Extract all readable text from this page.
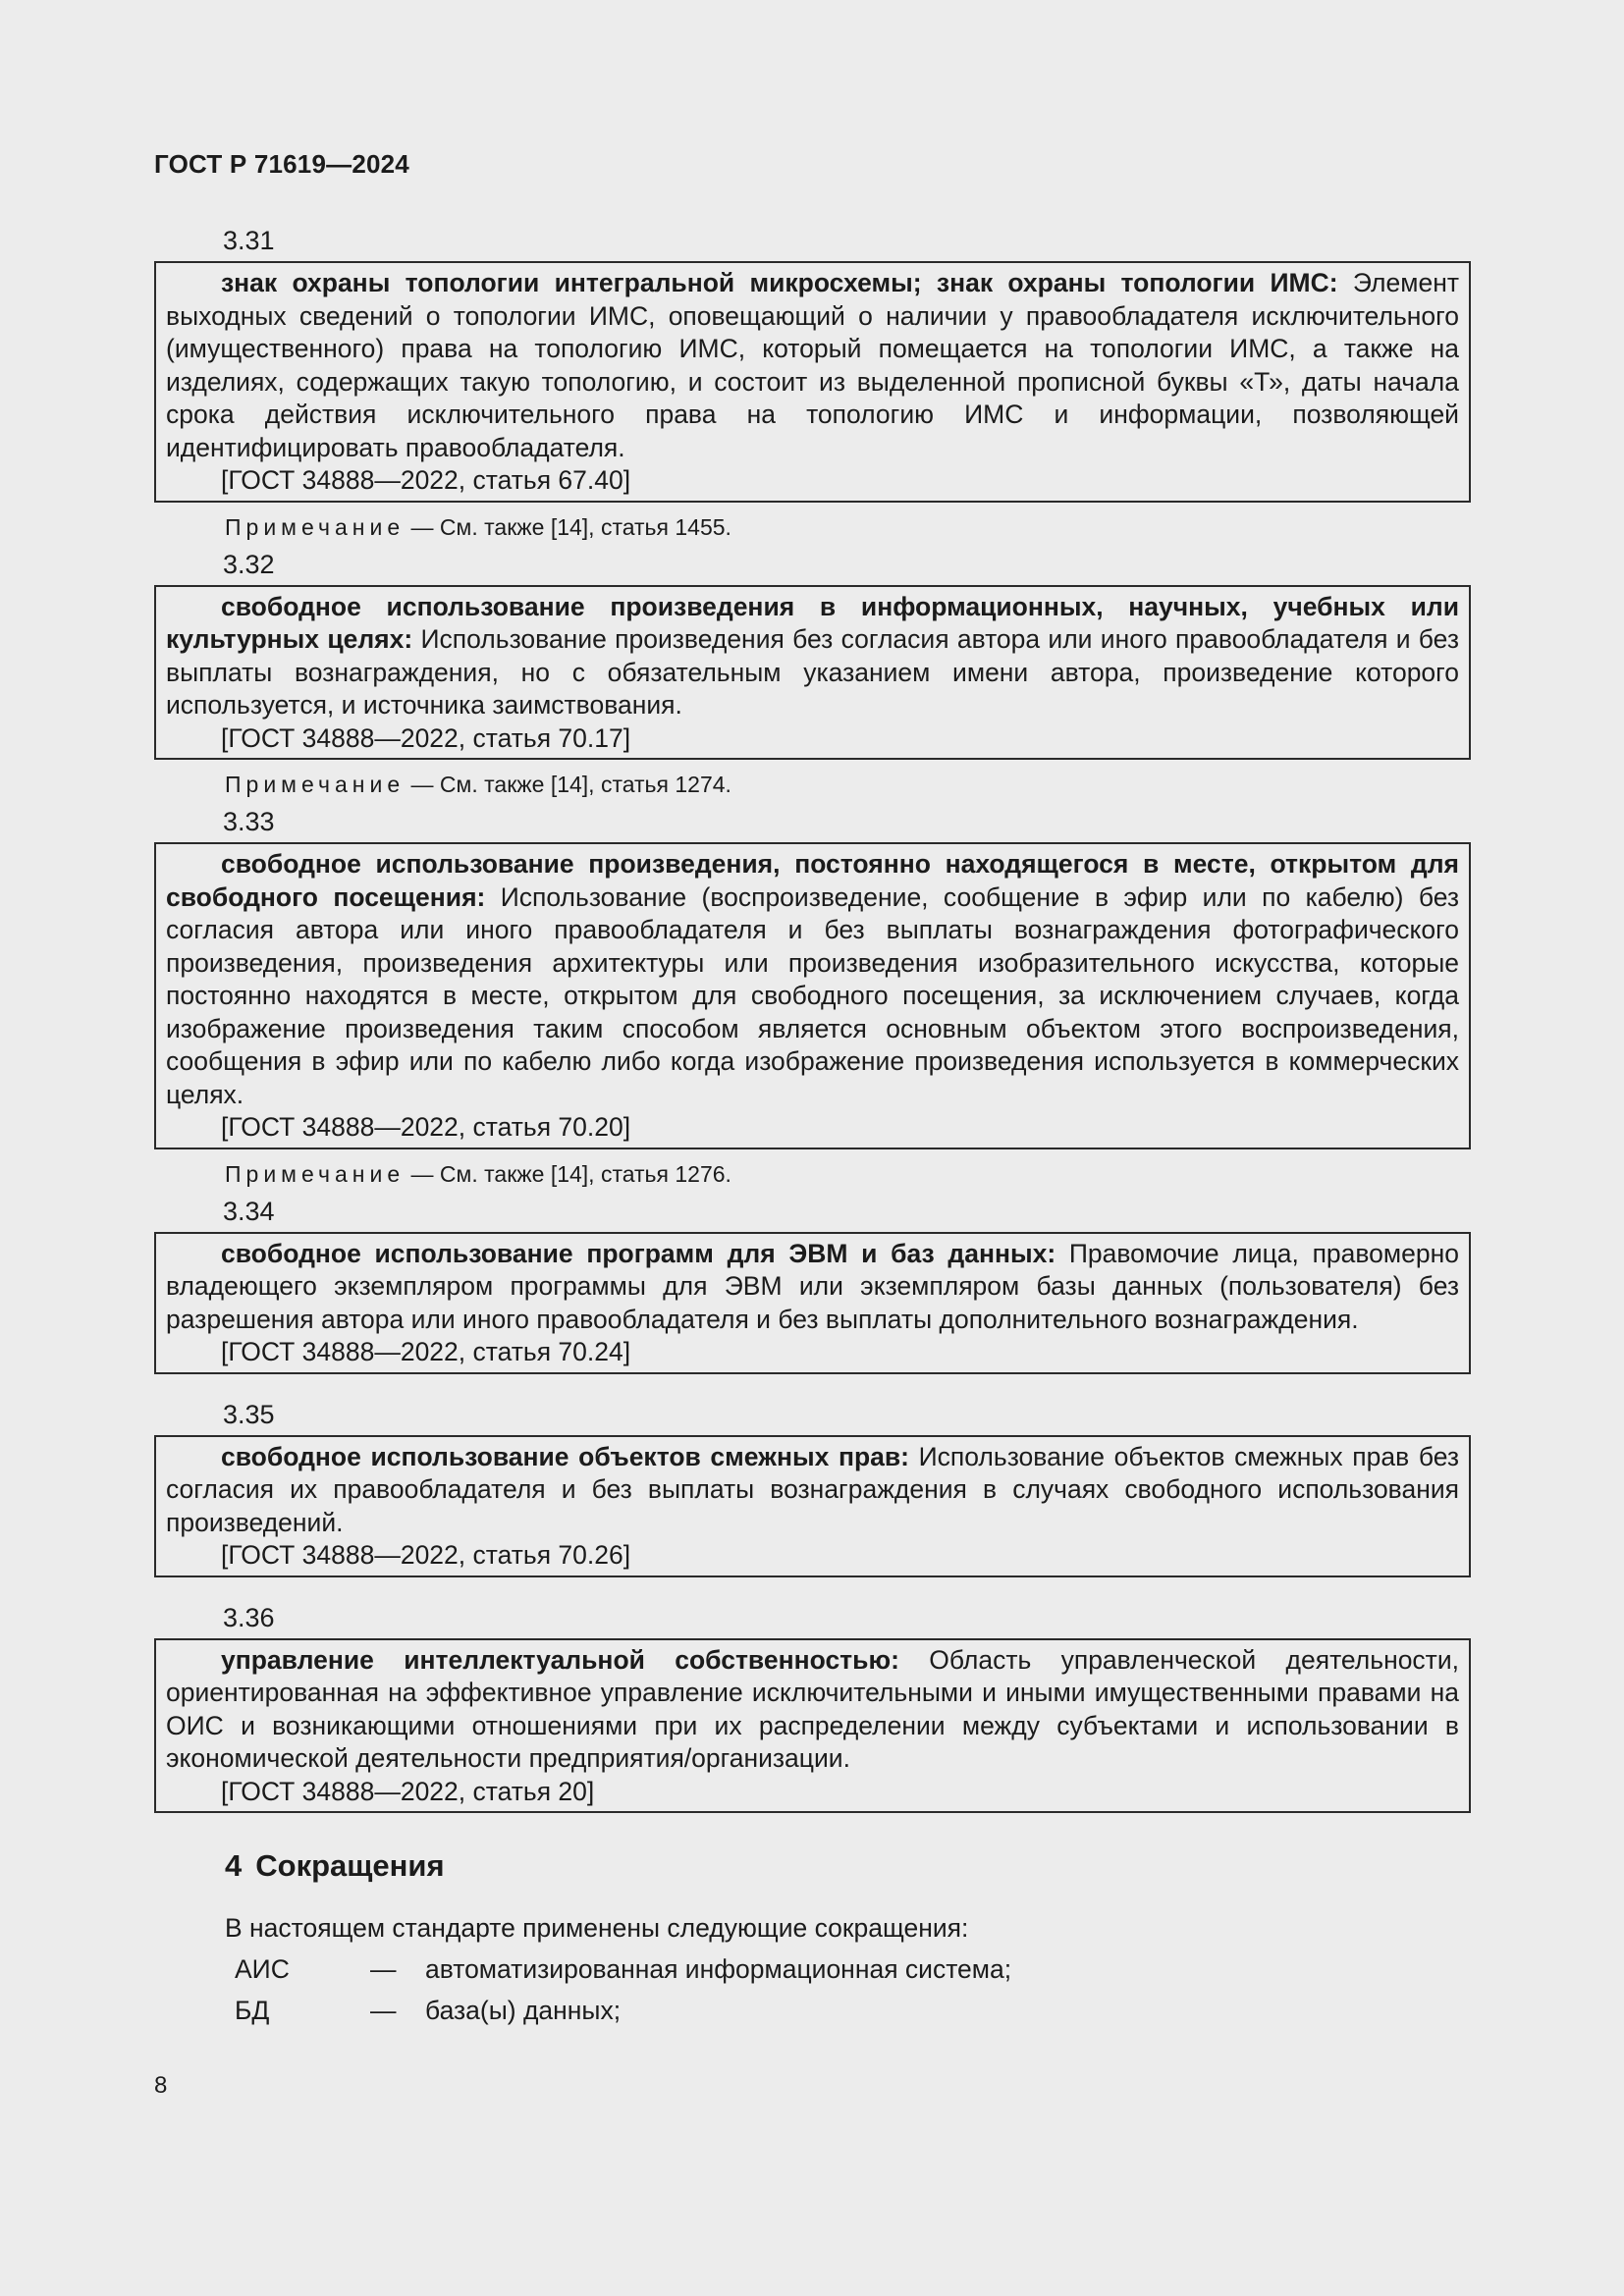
ГОСТ Р 71619—2024
3.31
знак охраны топологии интегральной микросхемы; знак охраны топологии ИМС: Элемент выходных сведений о топологии ИМС, оповещающий о наличии у правообладателя исключительного (имущественного) права на топологию ИМС, который помещается на топологии ИМС, а также на изделиях, содержащих такую топологию, и состоит из выделенной прописной буквы «Т», даты начала срока действия исключительного права на топологию ИМС и информации, позволяющей идентифицировать правообладателя.
[ГОСТ 34888—2022, статья 67.40]
Примечание — См. также [14], статья 1455.
3.32
свободное использование произведения в информационных, научных, учебных или культурных целях: Использование произведения без согласия автора или иного правообладателя и без выплаты вознаграждения, но с обязательным указанием имени автора, произведение которого используется, и источника заимствования.
[ГОСТ 34888—2022, статья 70.17]
Примечание — См. также [14], статья 1274.
3.33
свободное использование произведения, постоянно находящегося в месте, открытом для свободного посещения: Использование (воспроизведение, сообщение в эфир или по кабелю) без согласия автора или иного правообладателя и без выплаты вознаграждения фотографического произведения, произведения архитектуры или произведения изобразительного искусства, которые постоянно находятся в месте, открытом для свободного посещения, за исключением случаев, когда изображение произведения таким способом является основным объектом этого воспроизведения, сообщения в эфир или по кабелю либо когда изображение произведения используется в коммерческих целях.
[ГОСТ 34888—2022, статья 70.20]
Примечание — См. также [14], статья 1276.
3.34
свободное использование программ для ЭВМ и баз данных: Правомочие лица, правомерно владеющего экземпляром программы для ЭВМ или экземпляром базы данных (пользователя) без разрешения автора или иного правообладателя и без выплаты дополнительного вознаграждения.
[ГОСТ 34888—2022, статья 70.24]
3.35
свободное использование объектов смежных прав: Использование объектов смежных прав без согласия их правообладателя и без выплаты вознаграждения в случаях свободного использования произведений.
[ГОСТ 34888—2022, статья 70.26]
3.36
управление интеллектуальной собственностью: Область управленческой деятельности, ориентированная на эффективное управление исключительными и иными имущественными правами на ОИС и возникающими отношениями при их распределении между субъектами и использовании в экономической деятельности предприятия/организации.
[ГОСТ 34888—2022, статья 20]
4 Сокращения
В настоящем стандарте применены следующие сокращения:
АИС	—	автоматизированная информационная система;
БД	—	база(ы) данных;
8
